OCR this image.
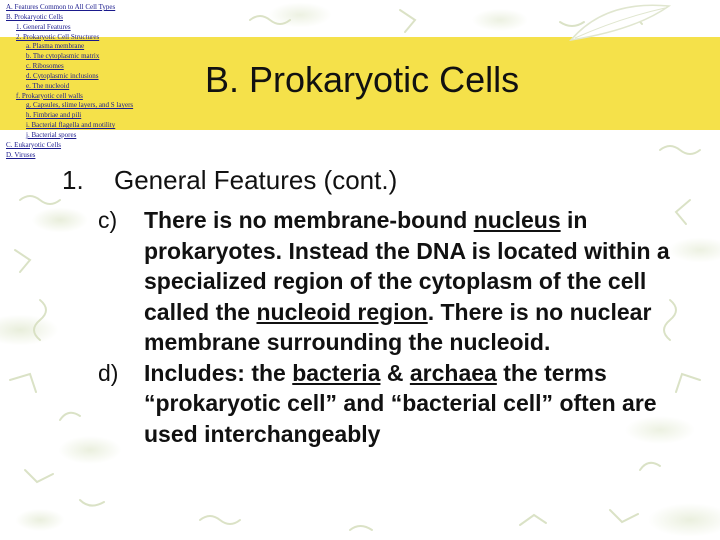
A. Features Common to All Cell Types
B. Prokaryotic Cells
1. General Features
2. Prokaryotic Cell Structures
a. Plasma membrane
b. The cytoplasmic matrix
c. Ribosomes
d. Cytoplasmic inclusions
e. The nucleoid
f. Prokaryotic cell walls
g. Capsules, slime layers, and S layers
h. Fimbriae and pili
i. Bacterial flagella and motility
j. Bacterial spores
C. Eukaryotic Cells
D. Viruses
B. Prokaryotic Cells
1. General Features (cont.)
c)	There is no membrane-bound nucleus in prokaryotes. Instead the DNA is located within a specialized region of the cytoplasm of the cell called the nucleoid region. There is no nuclear membrane surrounding the nucleoid.
d)	Includes: the bacteria & archaea the terms “prokaryotic cell” and “bacterial cell” often are used interchangeably
